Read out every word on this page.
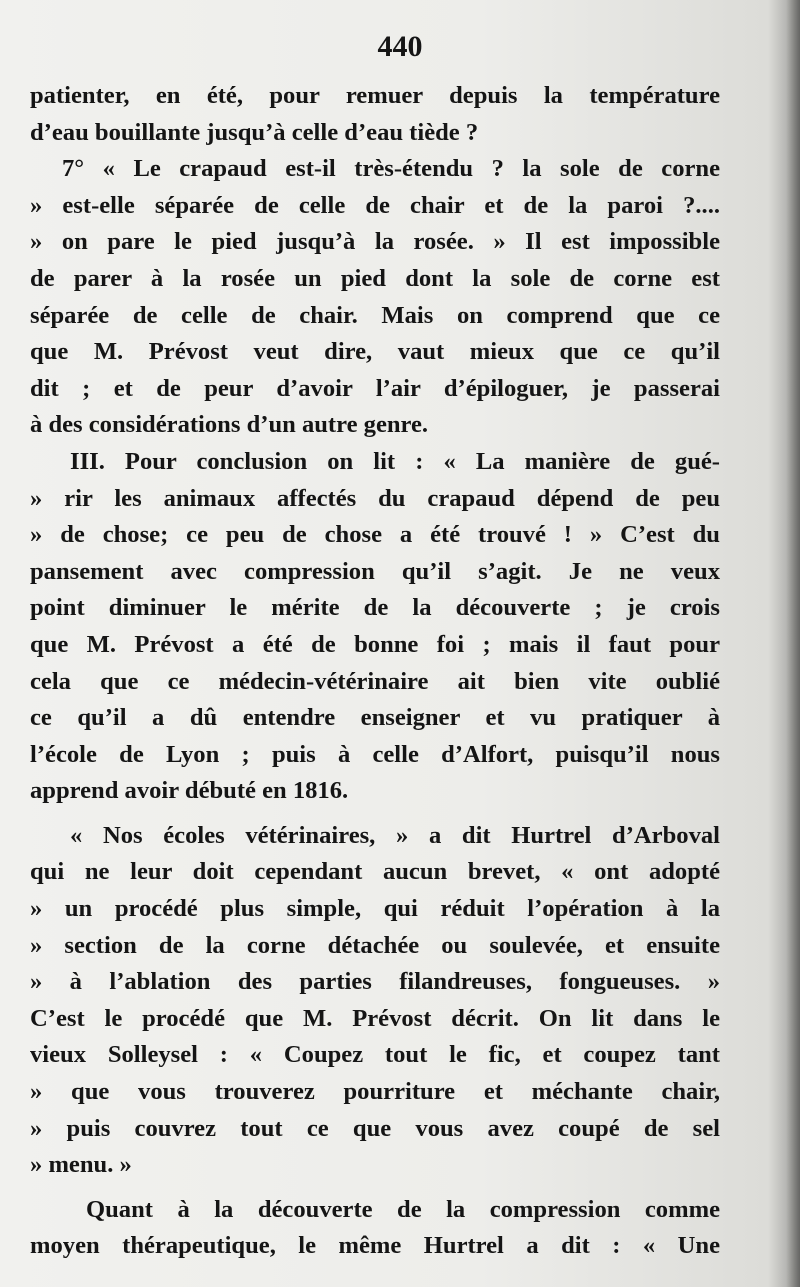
440
patienter, en été, pour remuer depuis la température
d’eau bouillante jusqu’à celle d’eau tiède ?
7° « Le crapaud est-il très-étendu ? la sole de corne
» est-elle séparée de celle de chair et de la paroi ?....
» on pare le pied jusqu’à la rosée. » Il est impossible
de parer à la rosée un pied dont la sole de corne est
séparée de celle de chair. Mais on comprend que ce
que M. Prévost veut dire, vaut mieux que ce qu’il
dit ; et de peur d’avoir l’air d’épiloguer, je passerai
à des considérations d’un autre genre.
III. Pour conclusion on lit : « La manière de gué-
» rir les animaux affectés du crapaud dépend de peu
» de chose; ce peu de chose a été trouvé ! » C’est du
pansement avec compression qu’il s’agit. Je ne veux
point diminuer le mérite de la découverte ; je crois
que M. Prévost a été de bonne foi ; mais il faut pour
cela que ce médecin-vétérinaire ait bien vite oublié
ce qu’il a dû entendre enseigner et vu pratiquer à
l’école de Lyon ; puis à celle d’Alfort, puisqu’il nous
apprend avoir débuté en 1816.
« Nos écoles vétérinaires, » a dit Hurtrel d’Arboval
qui ne leur doit cependant aucun brevet, « ont adopté
» un procédé plus simple, qui réduit l’opération à la
» section de la corne détachée ou soulevée, et ensuite
» à l’ablation des parties filandreuses, fongueuses. »
C’est le procédé que M. Prévost décrit. On lit dans le
vieux Solleysel : « Coupez tout le fic, et coupez tant
» que vous trouverez pourriture et méchante chair,
» puis couvrez tout ce que vous avez coupé de sel
» menu. »
Quant à la découverte de la compression comme
moyen thérapeutique, le même Hurtrel a dit : « Une
